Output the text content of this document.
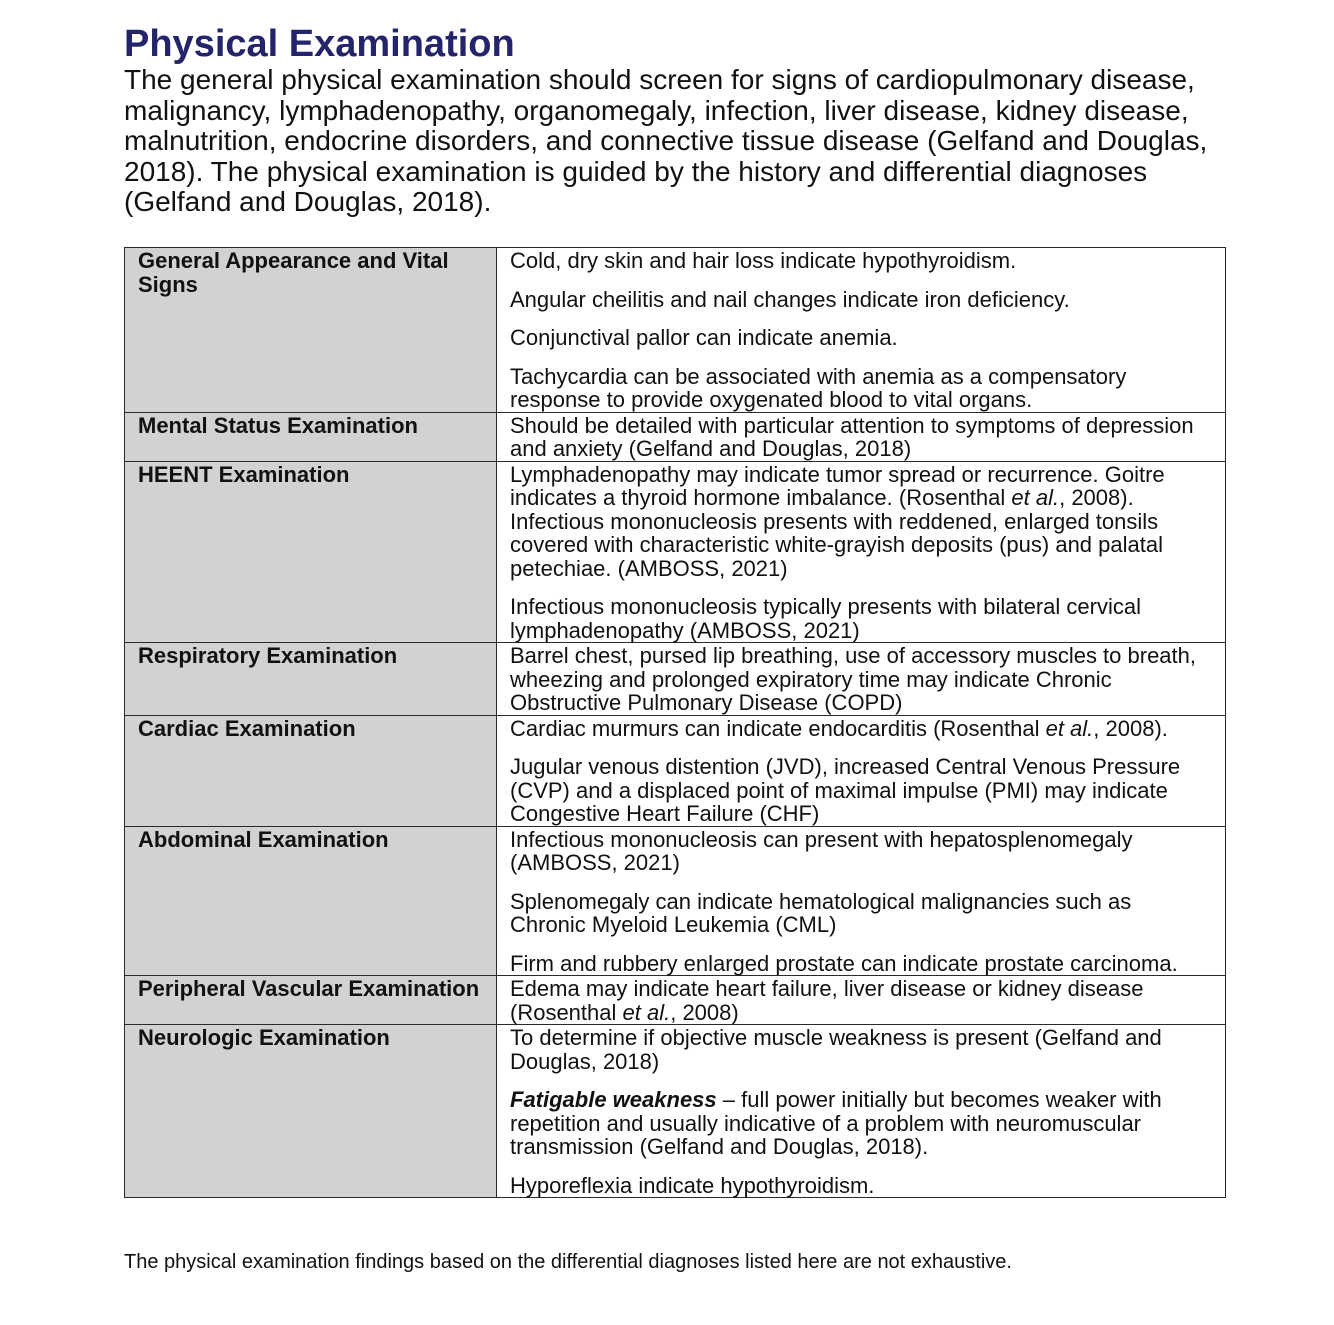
Physical Examination

The general physical examination should screen for signs of cardiopulmonary disease, malignancy, lymphadenopathy, organomegaly, infection, liver disease, kidney disease, malnutrition, endocrine disorders, and connective tissue disease (Gelfand and Douglas, 2018). The physical examination is guided by the history and differential diagnoses (Gelfand and Douglas, 2018).

General Appearance and Vital Signs	Cold, dry skin and hair loss indicate hypothyroidism.

Angular cheilitis and nail changes indicate iron deficiency.

Conjunctival pallor can indicate anemia.

Tachycardia can be associated with anemia as a compensatory response to provide oxygenated blood to vital organs.

Mental Status Examination	Should be detailed with particular attention to symptoms of depression and anxiety (Gelfand and Douglas, 2018)

HEENT Examination	Lymphadenopathy may indicate tumor spread or recurrence. Goitre indicates a thyroid hormone imbalance. (Rosenthal et al., 2008). Infectious mononucleosis presents with reddened, enlarged tonsils covered with characteristic white-grayish deposits (pus) and palatal petechiae. (AMBOSS, 2021)

Infectious mononucleosis typically presents with bilateral cervical lymphadenopathy (AMBOSS, 2021)

Respiratory Examination	Barrel chest, pursed lip breathing, use of accessory muscles to breath, wheezing and prolonged expiratory time may indicate Chronic Obstructive Pulmonary Disease (COPD)

Cardiac Examination	Cardiac murmurs can indicate endocarditis (Rosenthal et al., 2008).

Jugular venous distention (JVD), increased Central Venous Pressure (CVP) and a displaced point of maximal impulse (PMI) may indicate Congestive Heart Failure (CHF)

Abdominal Examination	Infectious mononucleosis can present with hepatosplenomegaly (AMBOSS, 2021)

Splenomegaly can indicate hematological malignancies such as Chronic Myeloid Leukemia (CML)

Firm and rubbery enlarged prostate can indicate prostate carcinoma.

Peripheral Vascular Examination	Edema may indicate heart failure, liver disease or kidney disease (Rosenthal et al., 2008)

Neurologic Examination	To determine if objective muscle weakness is present (Gelfand and Douglas, 2018)

Fatigable weakness – full power initially but becomes weaker with repetition and usually indicative of a problem with neuromuscular transmission (Gelfand and Douglas, 2018).

Hyporeflexia indicate hypothyroidism.

The physical examination findings based on the differential diagnoses listed here are not exhaustive.
